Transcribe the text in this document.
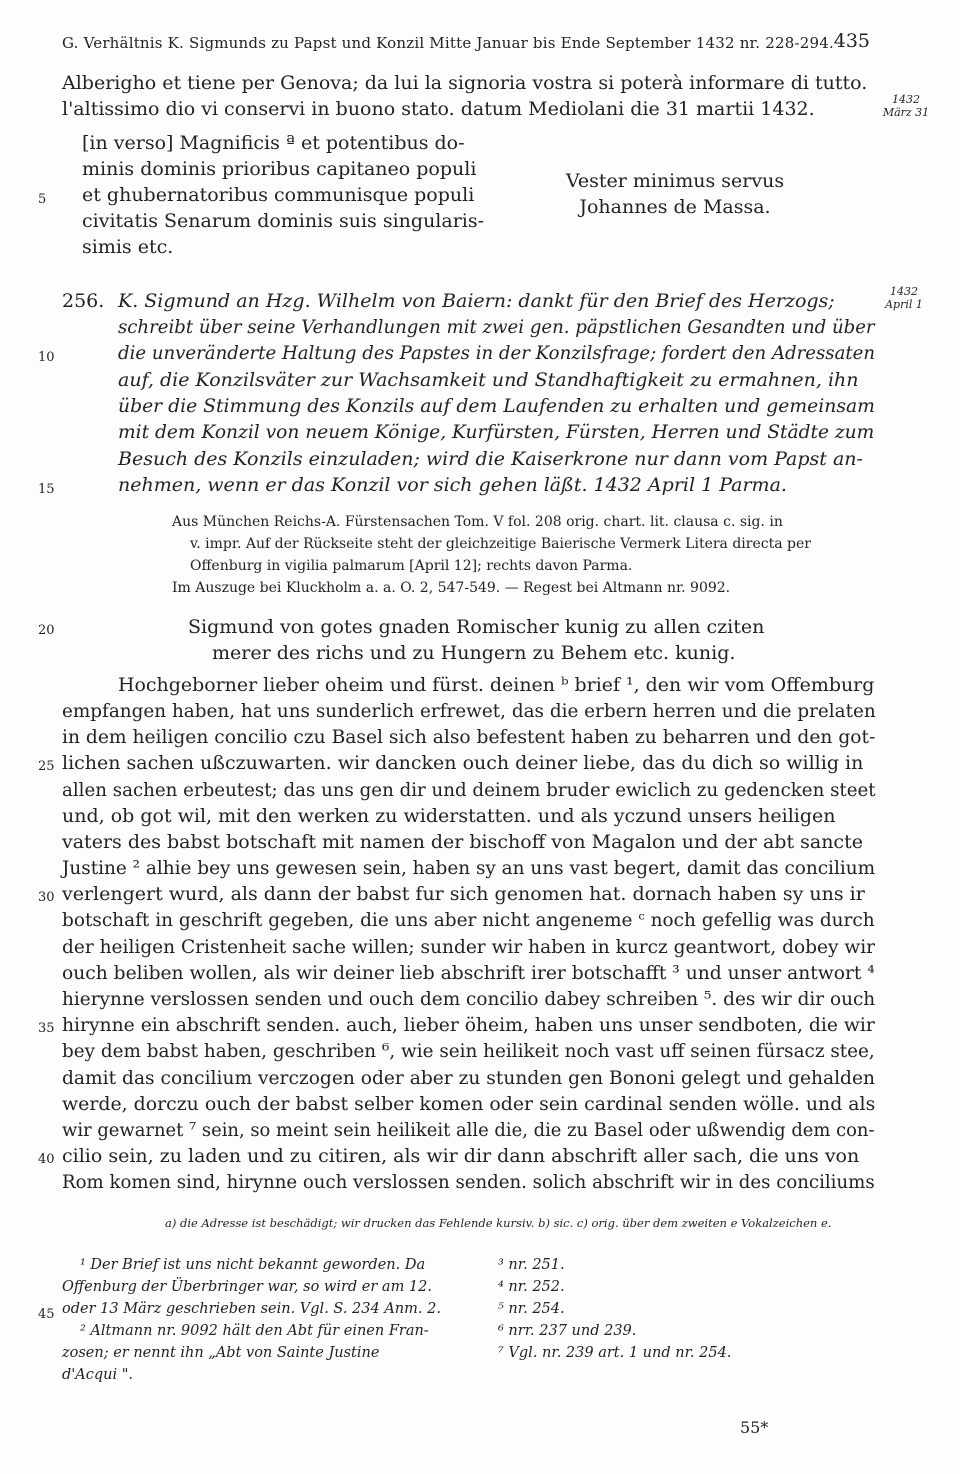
G. Verhältnis K. Sigmunds zu Papst und Konzil Mitte Januar bis Ende September 1432 nr. 228-294. 435
Alberigho et tiene per Genova; da lui la signoria vostra si poterà informare di tutto.
l'altissimo dio vi conservi in buono stato. datum Mediolani die 31 martii 1432.	1432
März 31
[in verso] Magnificis ª et potentibus do-
minis dominis prioribus capitaneo populi
et ghubernatoribus communisque populi
civitatis Senarum dominis suis singularis-
simis etc.
Vester minimus servus
Johannes de Massa.
256. K. Sigmund an Hzg. Wilhelm von Baiern: dankt für den Brief des Herzogs;
schreibt über seine Verhandlungen mit zwei gen. päpstlichen Gesandten und über
die unveränderte Haltung des Papstes in der Konzilsfrage; fordert den Adressaten
auf, die Konzilsväter zur Wachsamkeit und Standhaftigkeit zu ermahnen, ihn
über die Stimmung des Konzils auf dem Laufenden zu erhalten und gemeinsam
mit dem Konzil von neuem Könige, Kurfürsten, Fürsten, Herren und Städte zum
Besuch des Konzils einzuladen; wird die Kaiserkrone nur dann vom Papst an-
nehmen, wenn er das Konzil vor sich gehen läßt. 1432 April 1 Parma.
1432
April 1
Aus München Reichs-A. Fürstensachen Tom. V fol. 208 orig. chart. lit. clausa c. sig. in
v. impr. Auf der Rückseite steht der gleichzeitige Baierische Vermerk Litera directa per
Offenburg in vigilia palmarum [April 12]; rechts davon Parma.
Im Auszuge bei Kluckholm a. a. O. 2, 547-549. — Regest bei Altmann nr. 9092.
Sigmund von gotes gnaden Romischer kunig zu allen cziten
merer des richs und zu Hungern zu Behem etc. kunig.
Hochgeborner lieber oheim und fürst. deinen ᵇ brief ¹, den wir vom Offemburg
empfangen haben, hat uns sunderlich erfrewet, das die erbern herren und die prelaten
in dem heiligen concilio czu Basel sich also befestent haben zu beharren und den got-
lichen sachen ußczuwarten. wir dancken ouch deiner liebe, das du dich so willig in
allen sachen erbeutest; das uns gen dir und deinem bruder ewiclich zu gedencken steet
und, ob got wil, mit den werken zu widerstatten. und als yczund unsers heiligen
vaters des babst botschaft mit namen der bischoff von Magalon und der abt sancte
Justine ² alhie bey uns gewesen sein, haben sy an uns vast begert, damit das concilium
verlengert wurd, als dann der babst fur sich genomen hat. dornach haben sy uns ir
botschaft in geschrift gegeben, die uns aber nicht angeneme ᶜ noch gefellig was durch
der heiligen Cristenheit sache willen; sunder wir haben in kurcz geantwort, dobey wir
ouch beliben wollen, als wir deiner lieb abschrift irer botschafft ³ und unser antwort ⁴
hierynne verslossen senden und ouch dem concilio dabey schreiben ⁵. des wir dir ouch
hirynne ein abschrift senden. auch, lieber öheim, haben uns unser sendboten, die wir
bey dem babst haben, geschriben ⁶, wie sein heilikeit noch vast uff seinen fürsacz stee,
damit das concilium verczogen oder aber zu stunden gen Bononi gelegt und gehalden
werde, dorczu ouch der babst selber komen oder sein cardinal senden wölle. und als
wir gewarnet ⁷ sein, so meint sein heilikeit alle die, die zu Basel oder ußwendig dem con-
cilio sein, zu laden und zu citiren, als wir dir dann abschrift aller sach, die uns von
Rom komen sind, hirynne ouch verslossen senden. solich abschrift wir in des conciliums
a) die Adresse ist beschädigt; wir drucken das Fehlende kursiv. b) sic. c) orig. über dem zweiten e Vokalzeichen e.
¹ Der Brief ist uns nicht bekannt geworden. Da
Offenburg der Überbringer war, so wird er am 12.
oder 13 März geschrieben sein. Vgl. S. 234 Anm. 2.
² Altmann nr. 9092 hält den Abt für einen Fran-
zosen; er nennt ihn „Abt von Sainte Justine
d'Acqui ".
³ nr. 251.
⁴ nr. 252.
⁵ nr. 254.
⁶ nrr. 237 und 239.
⁷ Vgl. nr. 239 art. 1 und nr. 254.
55*
5
10
15
20
25
30
35
40
45
